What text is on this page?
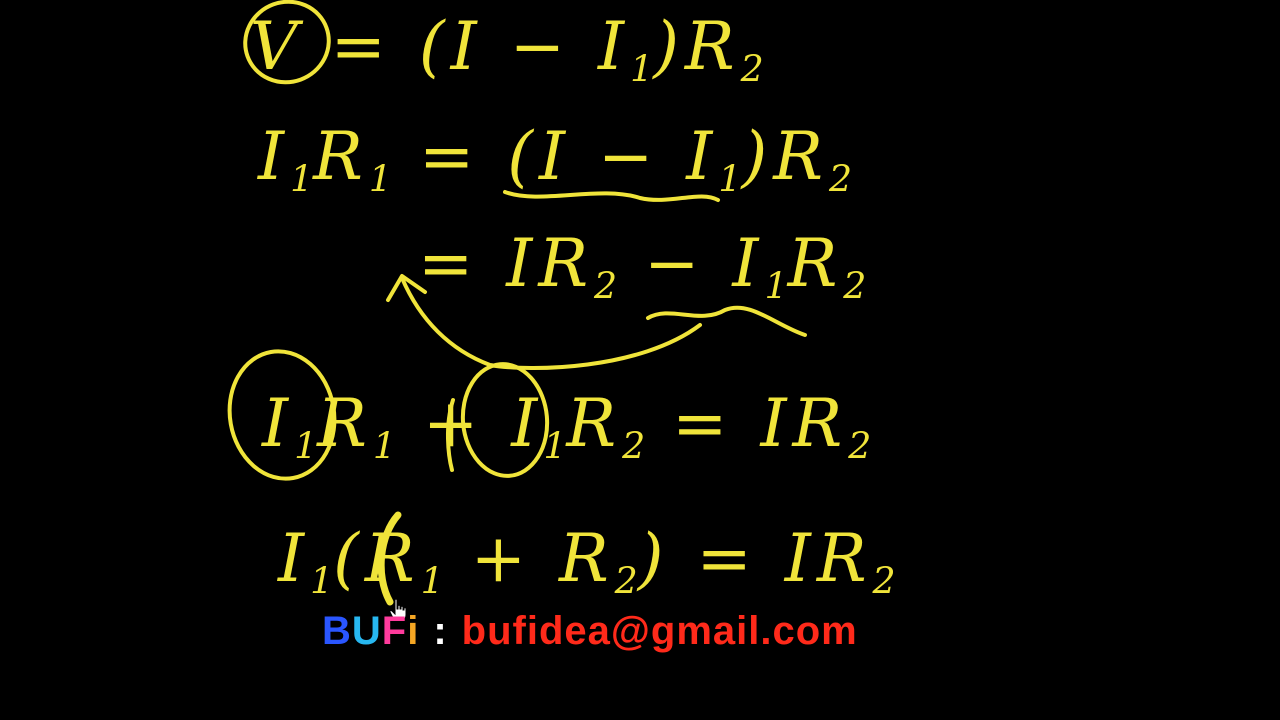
$V = (I - I_1)R_2$
$I_1R_1 = (I - I_1)R_2$
= $IR_2 - I_1R_2$
$I_1R_1 + I_1R_2 = IR_2$
$I_1(R_1 + R_2) = IR_2$
BUFi : bufidea@gmail.com
